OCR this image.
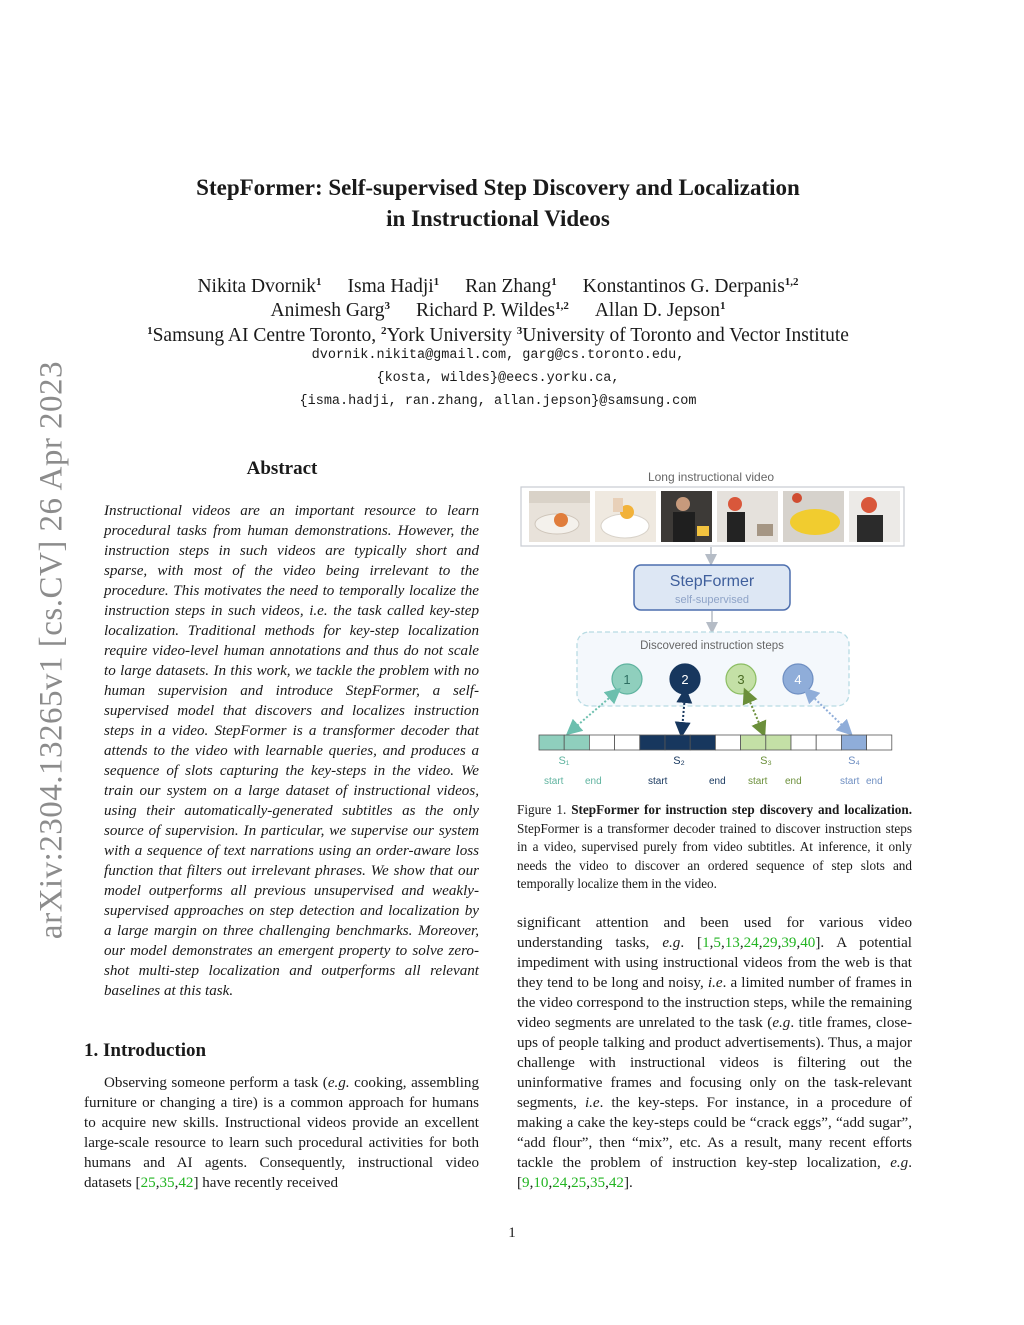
arXiv:2304.13265v1 [cs.CV] 26 Apr 2023
StepFormer: Self-supervised Step Discovery and Localization
in Instructional Videos
Nikita Dvornik$^1$ Isma Hadji$^1$ Ran Zhang$^1$ Konstantinos G. Derpanis$^{1,2}$
Animesh Garg$^3$ Richard P. Wildes$^{1,2}$ Allan D. Jepson$^1$
$^1$Samsung AI Centre Toronto, $^2$York University $^3$University of Toronto and Vector Institute
dvornik.nikita@gmail.com, garg@cs.toronto.edu,
{kosta, wildes}@eecs.yorku.ca,
{isma.hadji, ran.zhang, allan.jepson}@samsung.com
Abstract
Instructional videos are an important resource to learn procedural tasks from human demonstrations. However, the instruction steps in such videos are typically short and sparse, with most of the video being irrelevant to the procedure. This motivates the need to temporally localize the instruction steps in such videos, i.e. the task called key-step localization. Traditional methods for key-step localization require video-level human annotations and thus do not scale to large datasets. In this work, we tackle the problem with no human supervision and introduce StepFormer, a self-supervised model that discovers and localizes instruction steps in a video. StepFormer is a transformer decoder that attends to the video with learnable queries, and produces a sequence of slots capturing the key-steps in the video. We train our system on a large dataset of instructional videos, using their automatically-generated subtitles as the only source of supervision. In particular, we supervise our system with a sequence of text narrations using an order-aware loss function that filters out irrelevant phrases. We show that our model outperforms all previous unsupervised and weakly-supervised approaches on step detection and localization by a large margin on three challenging benchmarks. Moreover, our model demonstrates an emergent property to solve zero-shot multi-step localization and outperforms all relevant baselines at this task.
1. Introduction
Observing someone perform a task (e.g. cooking, assembling furniture or changing a tire) is a common approach for humans to acquire new skills. Instructional videos provide an excellent large-scale resource to learn such procedural activities for both humans and AI agents. Consequently, instructional video datasets [25,35,42] have recently received
Long instructional video
StepFormer
self-supervised
Discovered instruction steps
1	2	3	4
S₁
start end
S₂
start	end
S₃
start end
S₄
start end
Figure 1. StepFormer for instruction step discovery and localization. StepFormer is a transformer decoder trained to discover instruction steps in a video, supervised purely from video subtitles. At inference, it only needs the video to discover an ordered sequence of step slots and temporally localize them in the video.
significant attention and been used for various video understanding tasks, e.g. [1,5,13,24,29,39,40]. A potential impediment with using instructional videos from the web is that they tend to be long and noisy, i.e. a limited number of frames in the video correspond to the instruction steps, while the remaining video segments are unrelated to the task (e.g. title frames, close-ups of people talking and product advertisements). Thus, a major challenge with instructional videos is filtering out the uninformative frames and focusing only on the task-relevant segments, i.e. the key-steps. For instance, in a procedure of making a cake the key-steps could be “crack eggs”, “add sugar”, “add flour”, then “mix”, etc. As a result, many recent efforts tackle the problem of instruction key-step localization, e.g. [9,10,24,25,35,42].
1
